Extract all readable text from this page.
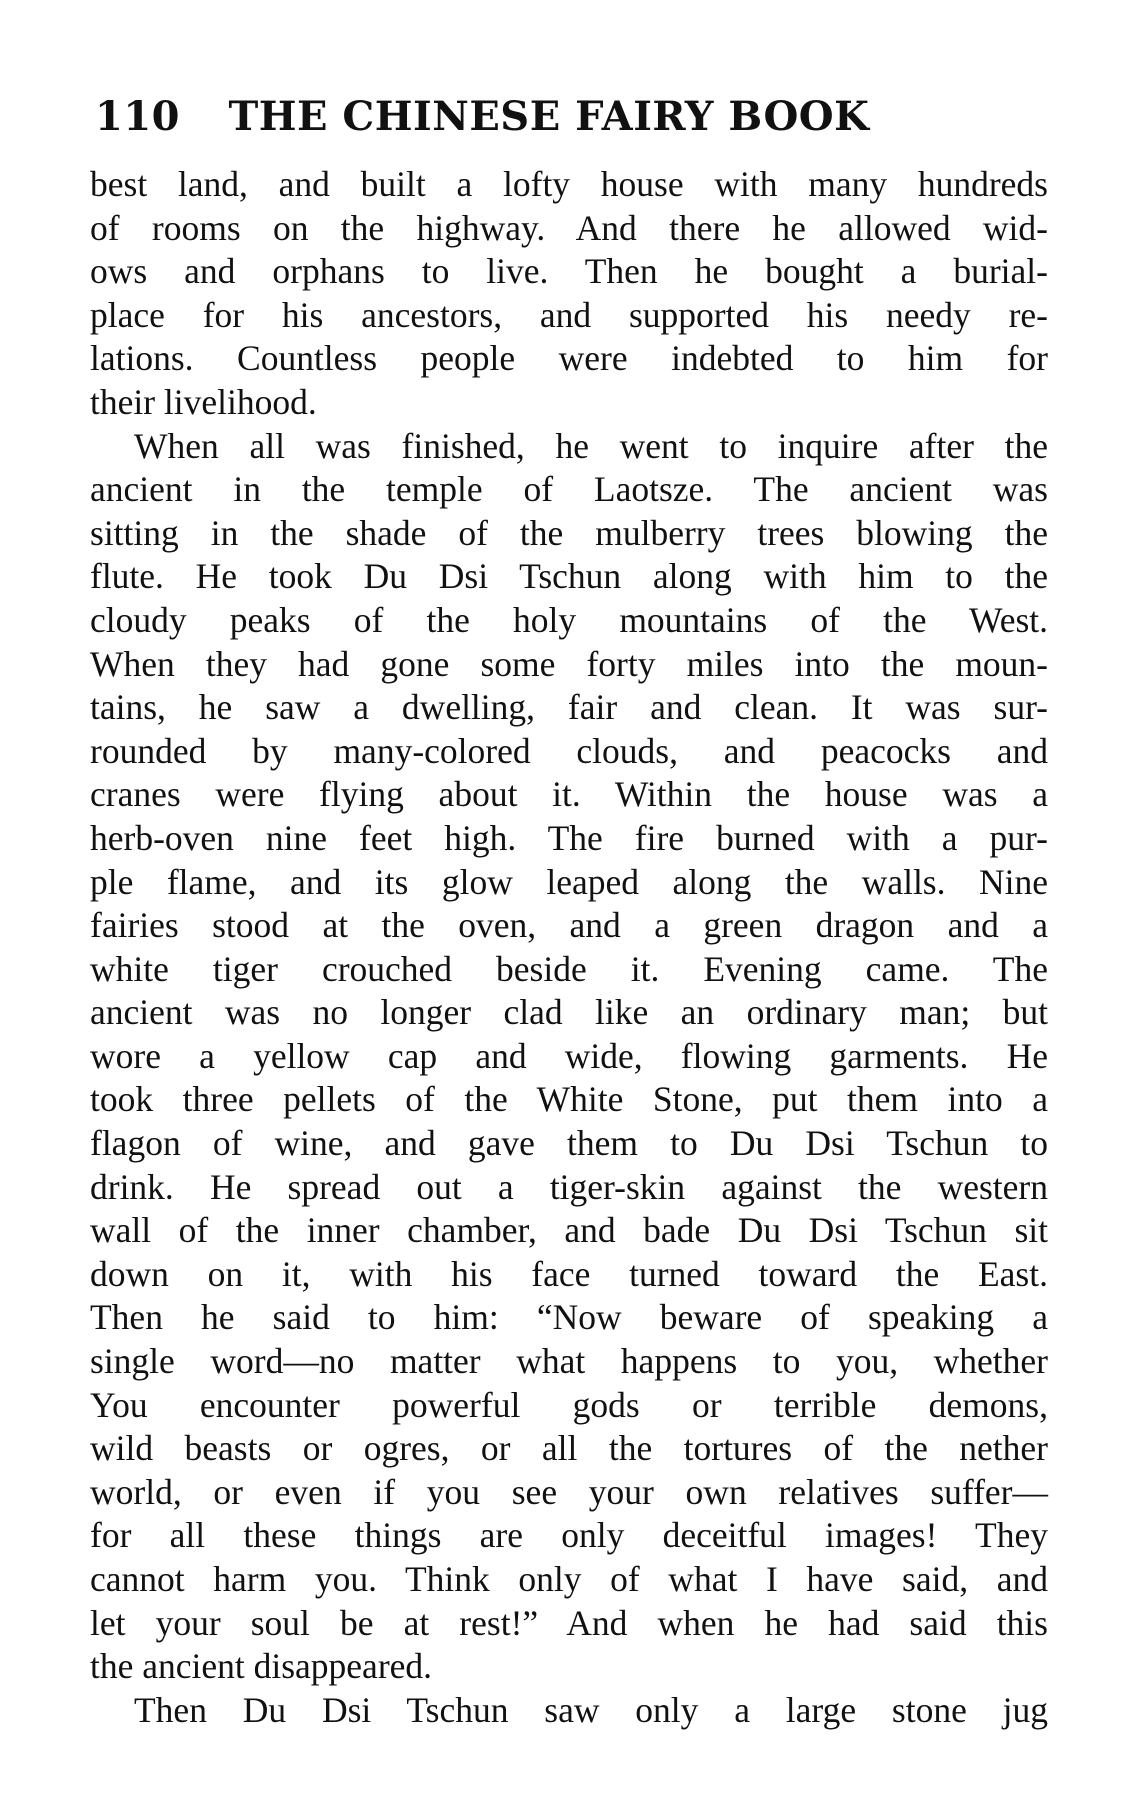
110 THE CHINESE FAIRY BOOK
best land, and built a lofty house with many hundreds
of rooms on the highway. And there he allowed wid-
ows and orphans to live. Then he bought a burial-
place for his ancestors, and supported his needy re-
lations. Countless people were indebted to him for
their livelihood.
When all was finished, he went to inquire after the
ancient in the temple of Laotsze. The ancient was
sitting in the shade of the mulberry trees blowing the
flute. He took Du Dsi Tschun along with him to the
cloudy peaks of the holy mountains of the West.
When they had gone some forty miles into the moun-
tains, he saw a dwelling, fair and clean. It was sur-
rounded by many-colored clouds, and peacocks and
cranes were flying about it. Within the house was a
herb-oven nine feet high. The fire burned with a pur-
ple flame, and its glow leaped along the walls. Nine
fairies stood at the oven, and a green dragon and a
white tiger crouched beside it. Evening came. The
ancient was no longer clad like an ordinary man; but
wore a yellow cap and wide, flowing garments. He
took three pellets of the White Stone, put them into a
flagon of wine, and gave them to Du Dsi Tschun to
drink. He spread out a tiger-skin against the western
wall of the inner chamber, and bade Du Dsi Tschun sit
down on it, with his face turned toward the East.
Then he said to him: “Now beware of speaking a
single word—no matter what happens to you, whether
You encounter powerful gods or terrible demons,
wild beasts or ogres, or all the tortures of the nether
world, or even if you see your own relatives suffer—
for all these things are only deceitful images! They
cannot harm you. Think only of what I have said, and
let your soul be at rest!” And when he had said this
the ancient disappeared.
Then Du Dsi Tschun saw only a large stone jug
